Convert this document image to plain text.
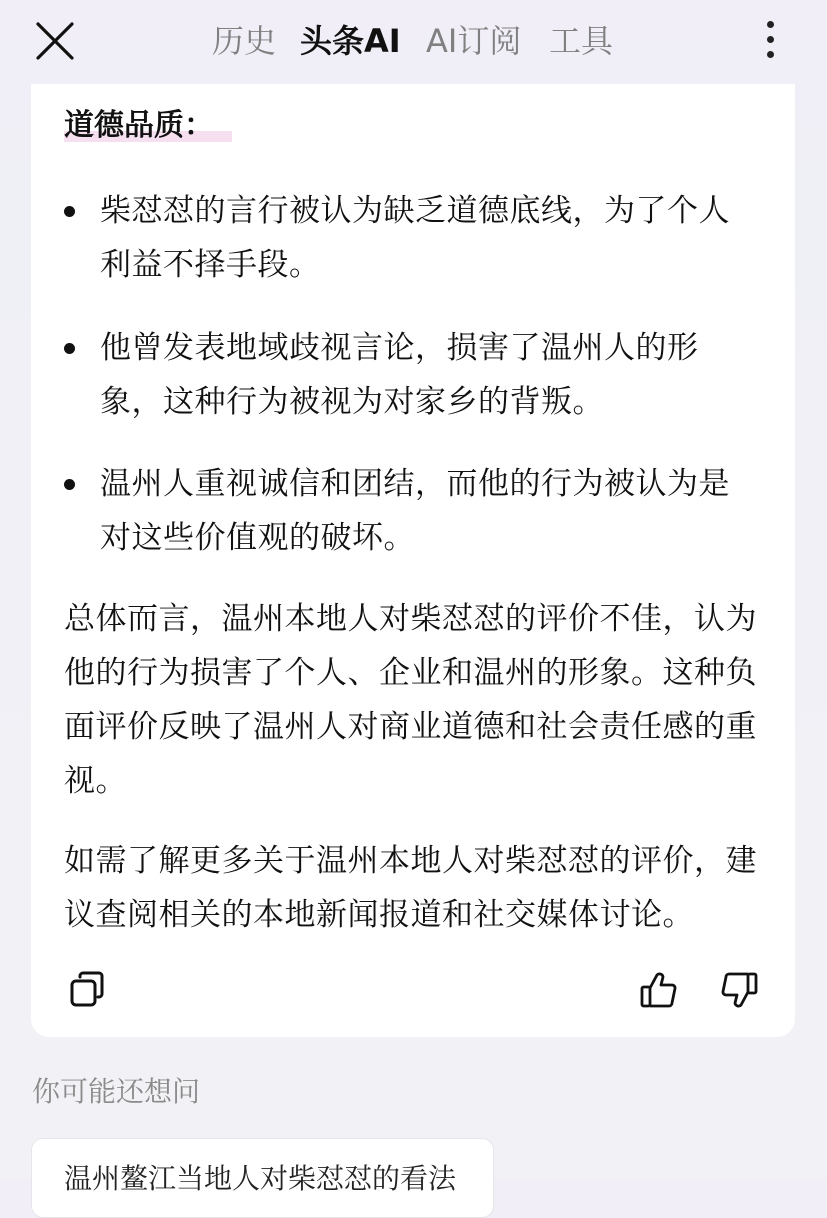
历史 头条AI AI订阅 工具
道德品质：
柴怼怼的言行被认为缺乏道德底线，为了个人利益不择手段。
他曾发表地域歧视言论，损害了温州人的形象，这种行为被视为对家乡的背叛。
温州人重视诚信和团结，而他的行为被认为是对这些价值观的破坏。
总体而言，温州本地人对柴怼怼的评价不佳，认为他的行为损害了个人、企业和温州的形象。这种负面评价反映了温州人对商业道德和社会责任感的重视。
如需了解更多关于温州本地人对柴怼怼的评价，建议查阅相关的本地新闻报道和社交媒体讨论。
你可能还想问
温州鳌江当地人对柴怼怼的看法
